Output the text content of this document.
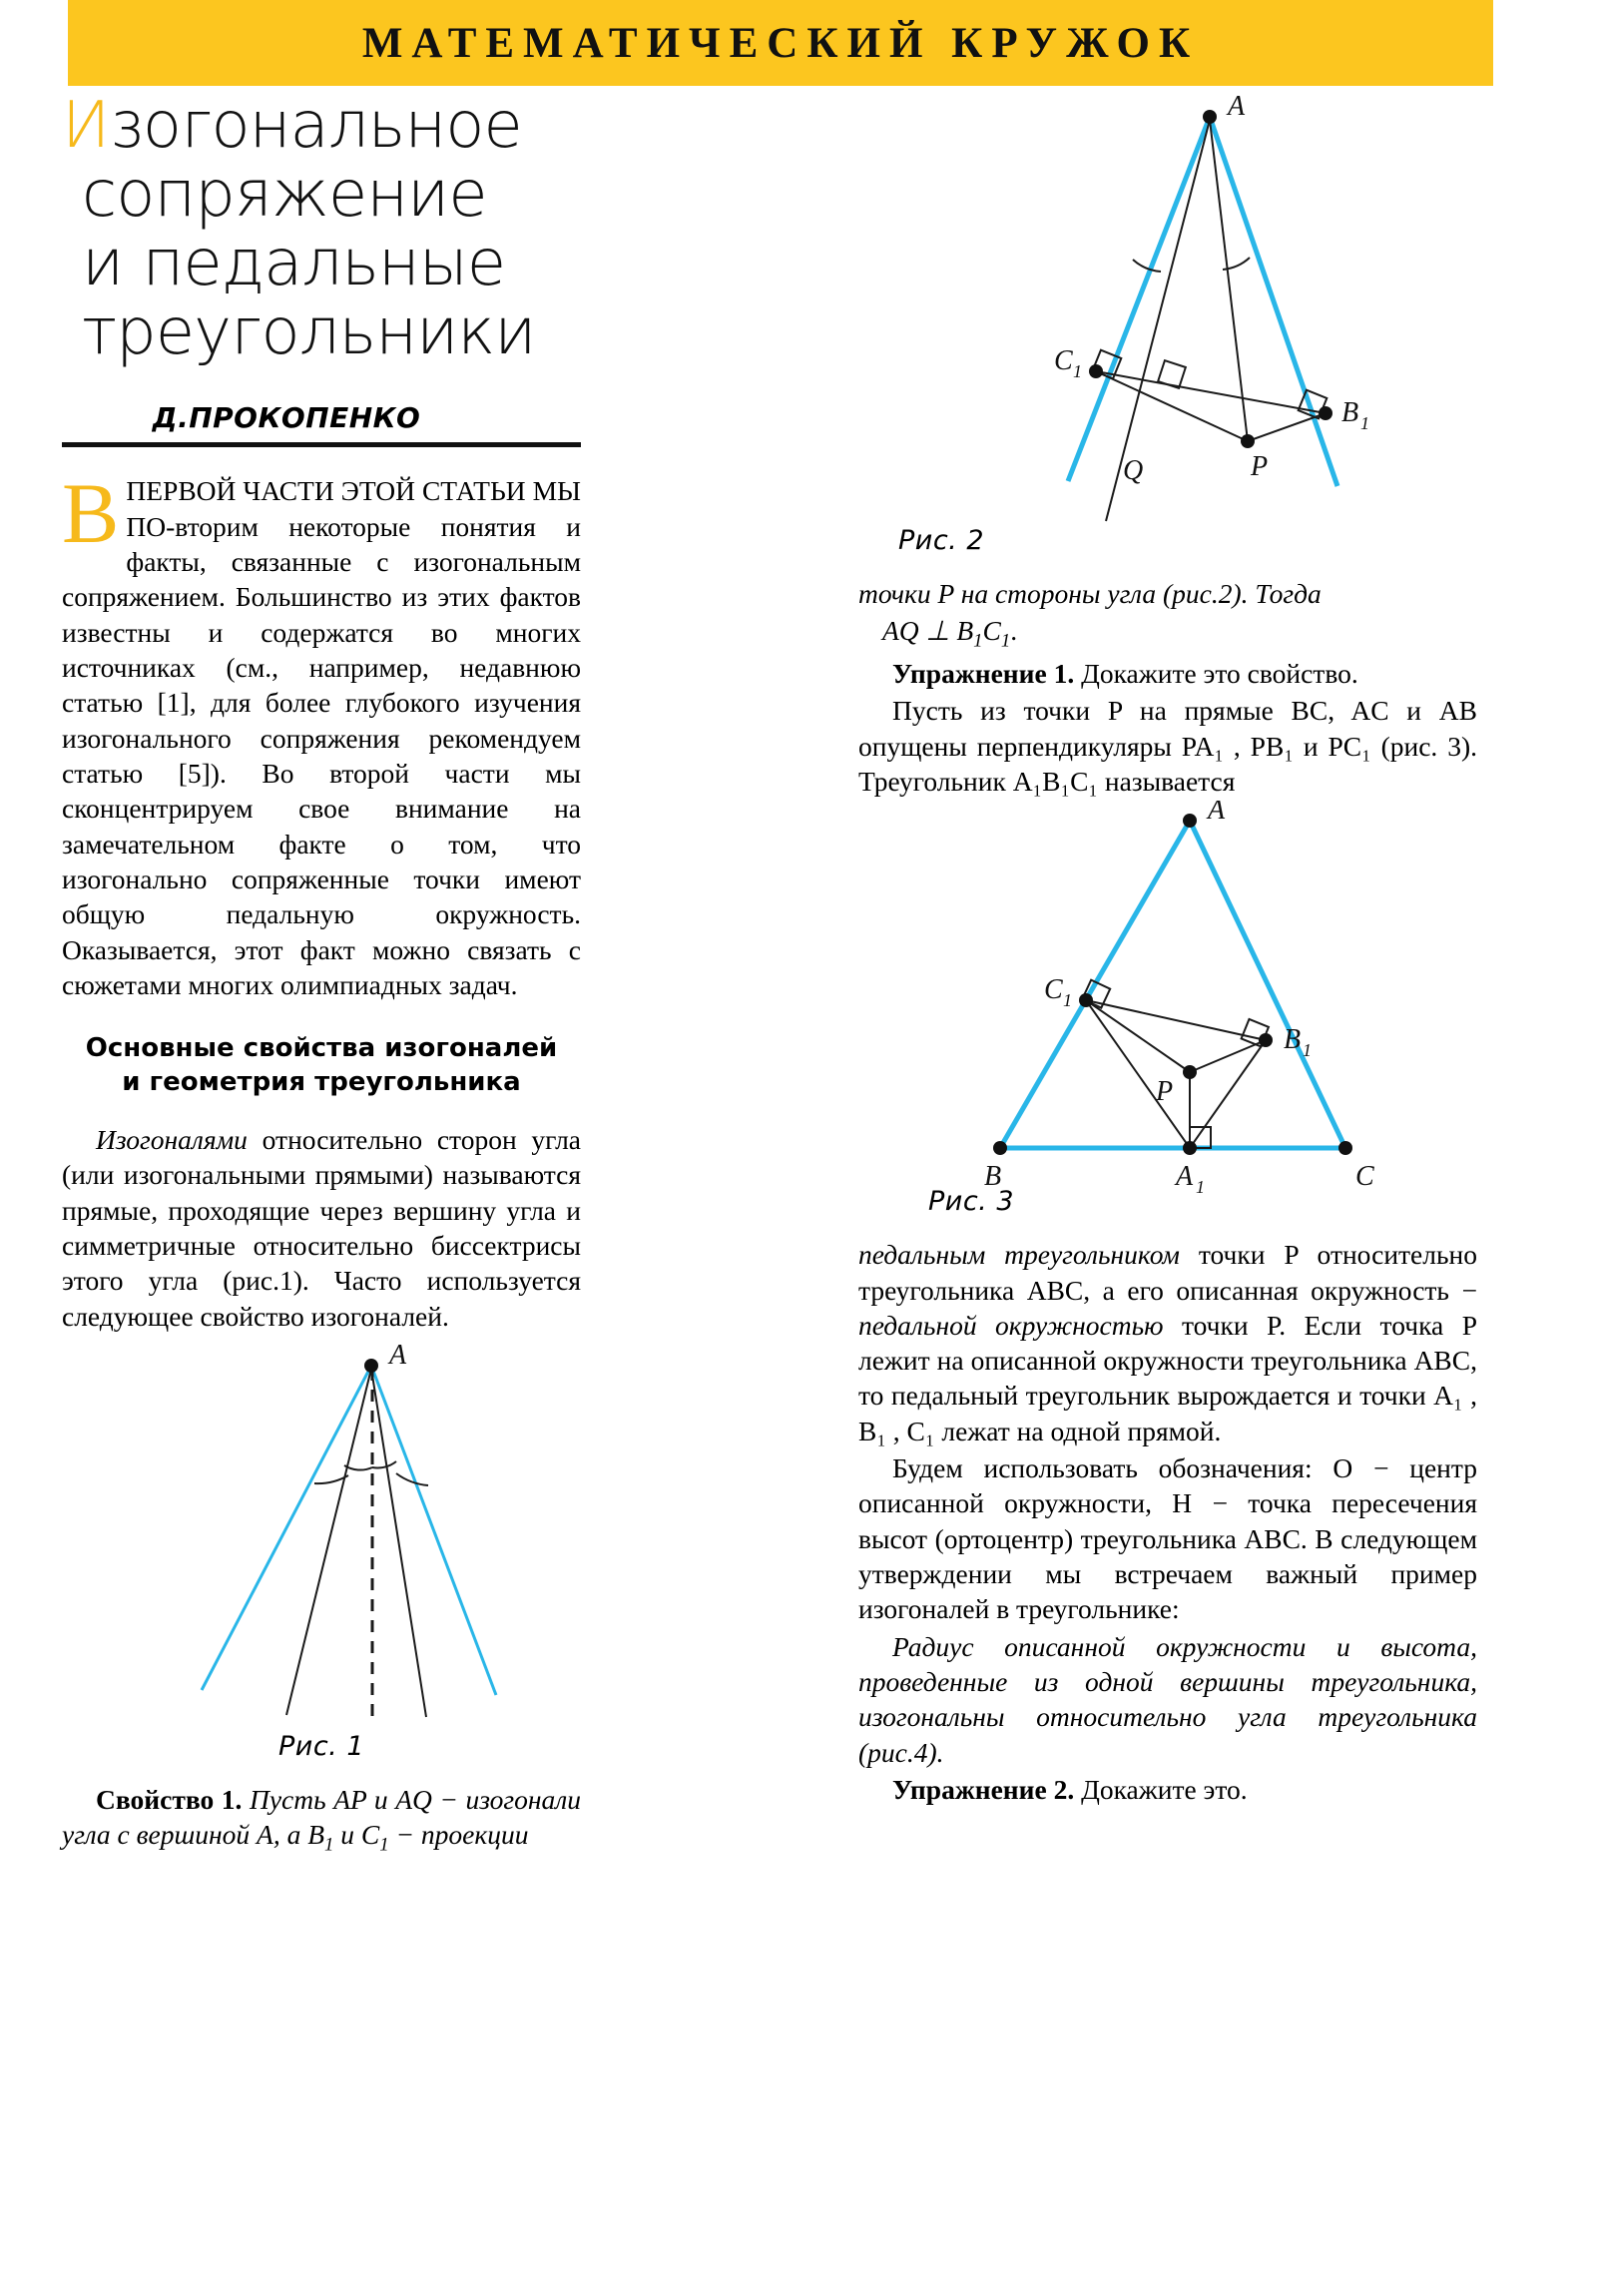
МАТЕМАТИЧЕСКИЙ КРУЖОК
Изогональное
сопряжение
и педальные
треугольники
Д.ПРОКОПЕНКО
ВПЕРВОЙ ЧАСТИ ЭТОЙ СТАТЬИ МЫ ПО-вторим некоторые понятия и факты, связанные с изогональным сопряжением. Большинство из этих фактов известны и содержатся во многих источниках (см., например, недавнюю статью [1], для более глубокого изучения изогонального сопряжения рекомендуем статью [5]). Во второй части мы сконцентрируем свое внимание на замечательном факте о том, что изогонально сопряженные точки имеют общую педальную окружность. Оказывается, этот факт можно связать с сюжетами многих олимпиадных задач.
Основные свойства изогоналей
и геометрия треугольника
Изогоналями относительно сторон угла (или изогональными прямыми) называются прямые, проходящие через вершину угла и симметричные относительно биссектрисы этого угла (рис.1). Часто используется следующее свойство изогоналей.
A
Рис. 1
Свойство 1. Пусть AP и AQ − изогонали угла с вершиной A, а $B_1$ и $C_1$ − проекции
A
C 1
B 1
P
Q
Рис. 2
точки P на стороны угла (рис.2). Тогда
AQ ⊥ $B_1C_1$.
Упражнение 1. Докажите это свойство.
Пусть из точки P на прямые BC, AC и AB опущены перпендикуляры PA₁ , PB₁ и PC₁ (рис. 3). Треугольник A₁B₁C₁ называется
A
B	C
C 1
B 1
P
A 1
Рис. 3
педальным треугольником точки P относительно треугольника ABC, а его описанная окружность − педальной окружностью точки P. Если точка P лежит на описанной окружности треугольника ABC, то педальный треугольник вырождается и точки A₁ , B₁ , C₁ лежат на одной прямой.
Будем использовать обозначения: O − центр описанной окружности, H − точка пересечения высот (ортоцентр) треугольника ABC. В следующем утверждении мы встречаем важный пример изогоналей в треугольнике:
Радиус описанной окружности и высота, проведенные из одной вершины треугольника, изогональны относительно угла треугольника (рис.4).
Упражнение 2. Докажите это.
